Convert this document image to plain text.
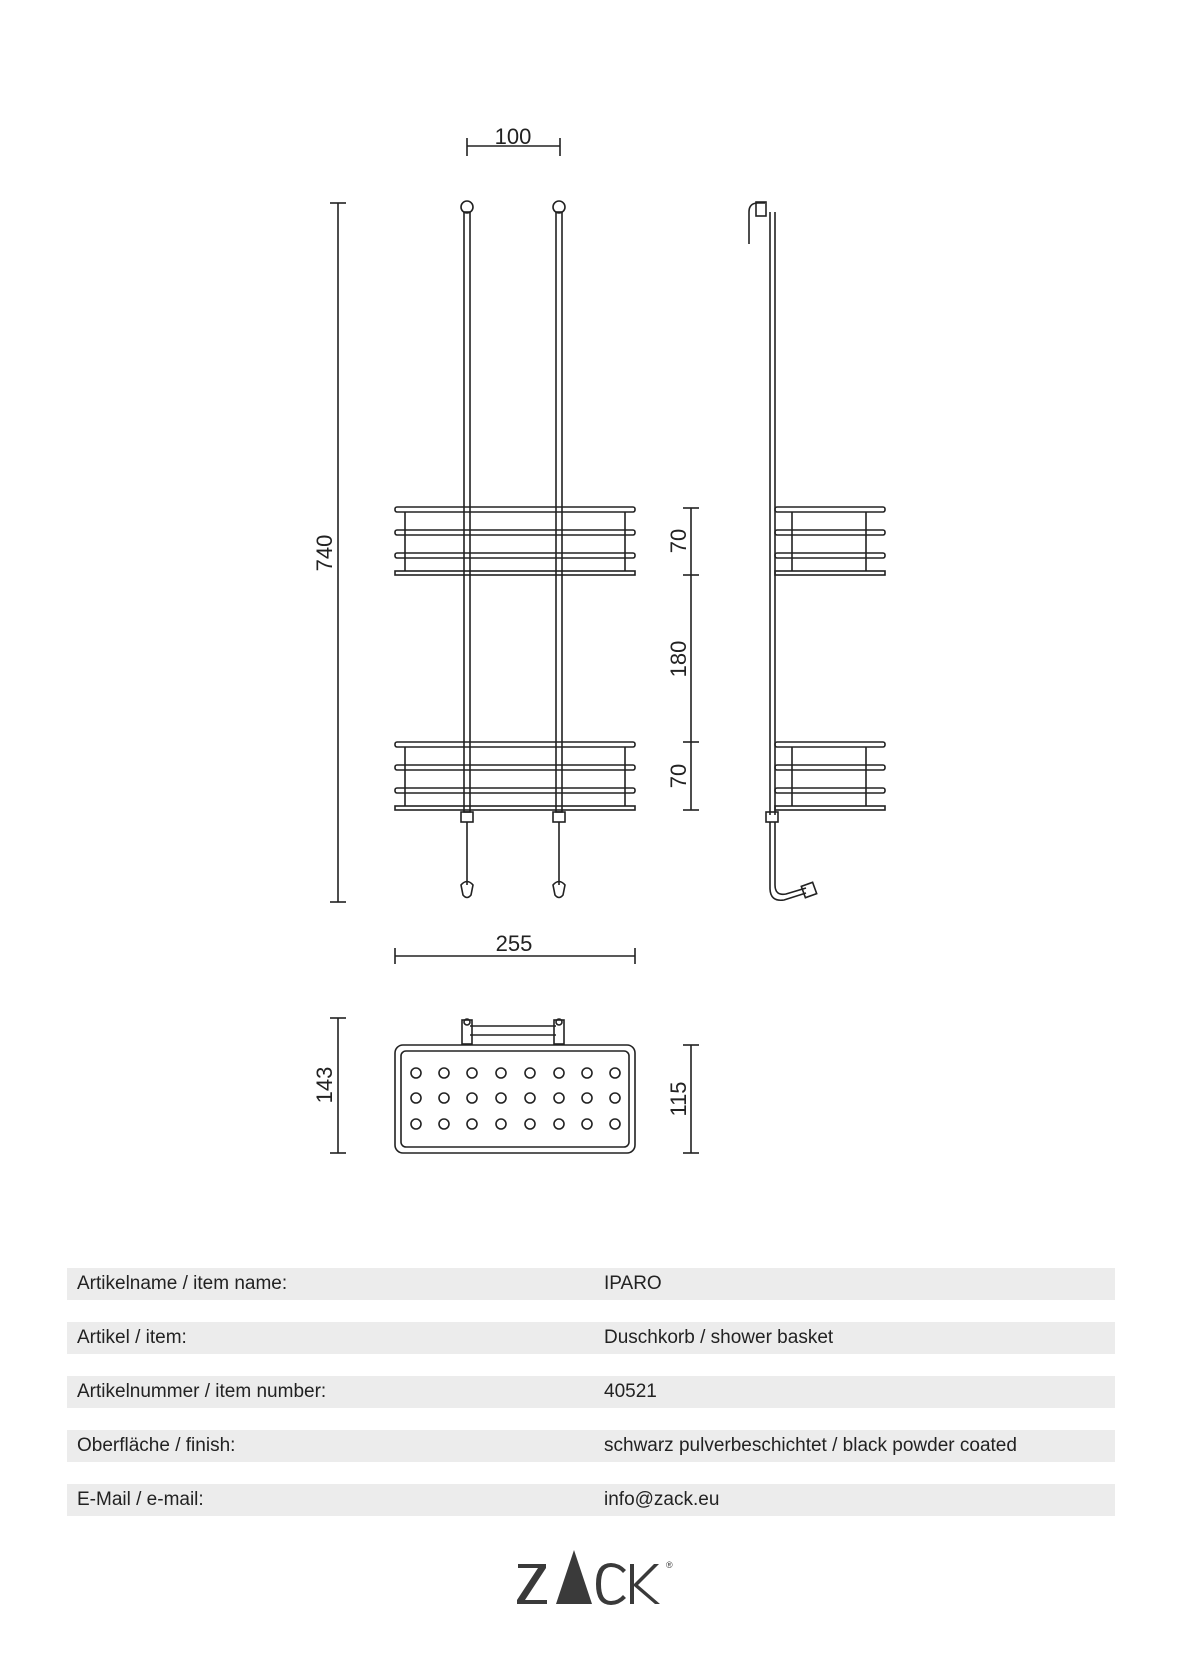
100
740	70
180
70
255
143	115
Artikelname / item name:	IPARO
Artikel / item:	Duschkorb / shower basket
Artikelnummer / item number:	40521
Oberfläche / finish:	schwarz pulverbeschichtet / black powder coated
E-Mail / e-mail:	info@zack.eu
®
